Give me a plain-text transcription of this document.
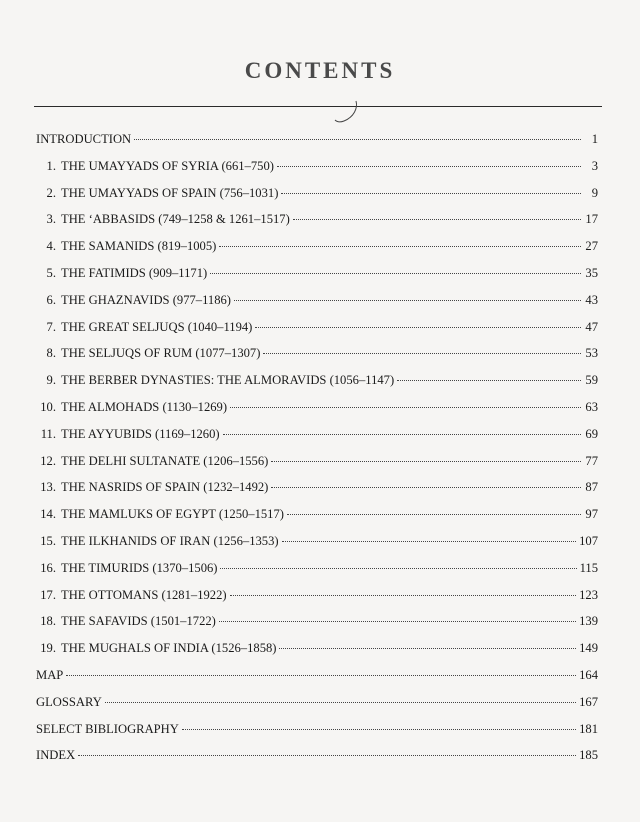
CONTENTS
INTRODUCTION	1
1. THE UMAYYADS OF SYRIA (661–750)	3
2. THE UMAYYADS OF SPAIN (756–1031)	9
3. THE ‘ABBASIDS (749–1258 & 1261–1517)	17
4. THE SAMANIDS (819–1005)	27
5. THE FATIMIDS (909–1171)	35
6. THE GHAZNAVIDS (977–1186)	43
7. THE GREAT SELJUQS (1040–1194)	47
8. THE SELJUQS OF RUM (1077–1307)	53
9. THE BERBER DYNASTIES: THE ALMORAVIDS (1056–1147)	59
10. THE ALMOHADS (1130–1269)	63
11. THE AYYUBIDS (1169–1260)	69
12. THE DELHI SULTANATE (1206–1556)	77
13. THE NASRIDS OF SPAIN (1232–1492)	87
14. THE MAMLUKS OF EGYPT (1250–1517)	97
15. THE ILKHANIDS OF IRAN (1256–1353)	107
16. THE TIMURIDS (1370–1506)	115
17. THE OTTOMANS (1281–1922)	123
18. THE SAFAVIDS (1501–1722)	139
19. THE MUGHALS OF INDIA (1526–1858)	149
MAP	164
GLOSSARY	167
SELECT BIBLIOGRAPHY	181
INDEX	185
